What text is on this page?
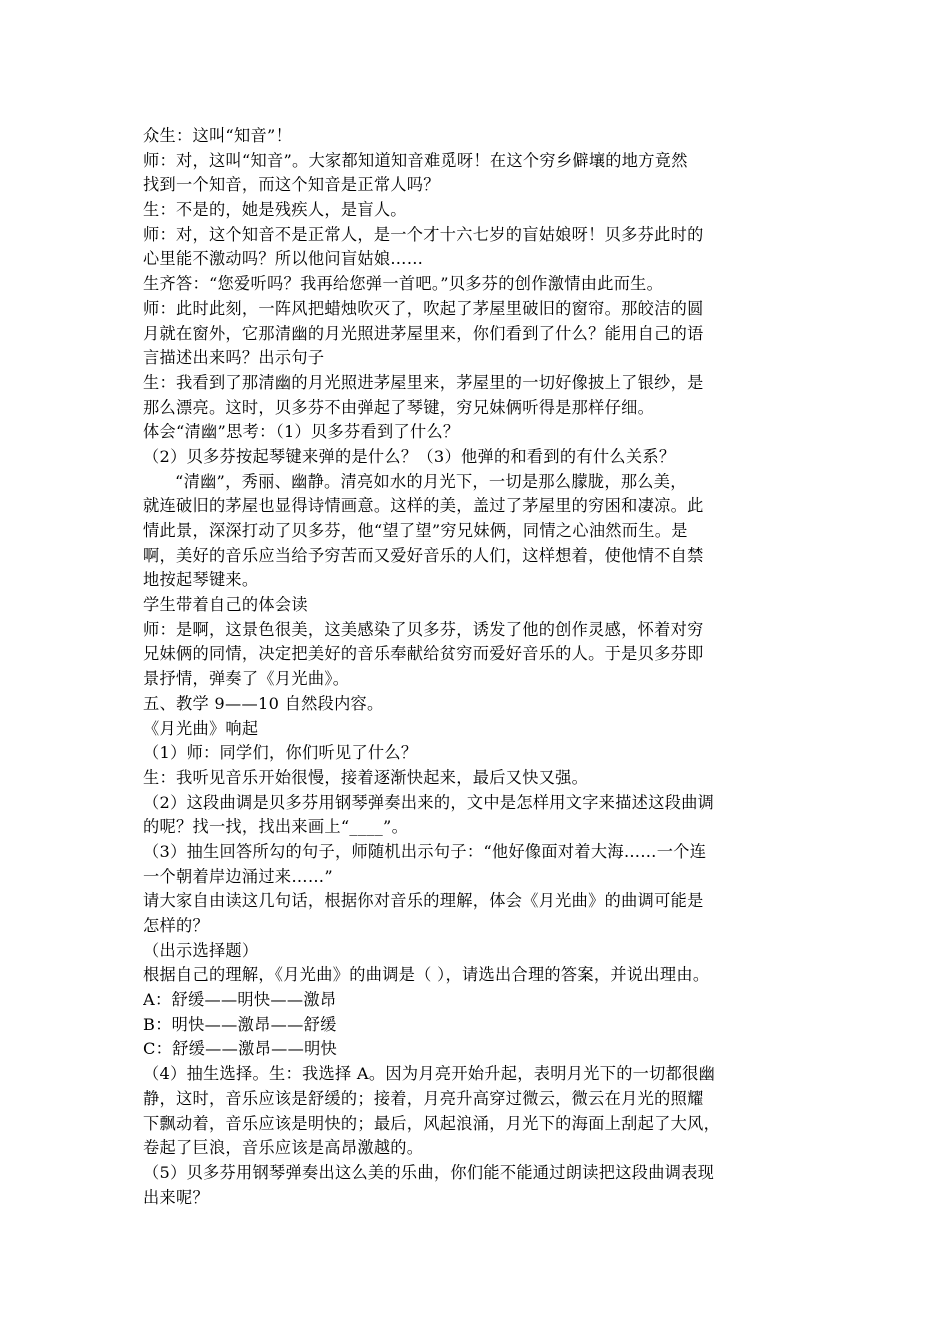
众生：这叫“知音”！
师：对，这叫“知音”。大家都知道知音难觅呀！在这个穷乡僻壤的地方竟然
找到一个知音，而这个知音是正常人吗？
生：不是的，她是残疾人，是盲人。
师：对，这个知音不是正常人，是一个才十六七岁的盲姑娘呀！贝多芬此时的
心里能不激动吗？所以他问盲姑娘……
生齐答：“您爱听吗？我再给您弹一首吧。”贝多芬的创作激情由此而生。
师：此时此刻，一阵风把蜡烛吹灭了，吹起了茅屋里破旧的窗帘。那皎洁的圆
月就在窗外，它那清幽的月光照进茅屋里来，你们看到了什么？能用自己的语
言描述出来吗？出示句子
生：我看到了那清幽的月光照进茅屋里来，茅屋里的一切好像披上了银纱，是
那么漂亮。这时，贝多芬不由弹起了琴键，穷兄妹俩听得是那样仔细。
体会“清幽”思考：（1）贝多芬看到了什么？
（2）贝多芬按起琴键来弹的是什么？（3）他弹的和看到的有什么关系？
“清幽”，秀丽、幽静。清亮如水的月光下，一切是那么朦胧，那么美，
就连破旧的茅屋也显得诗情画意。这样的美，盖过了茅屋里的穷困和凄凉。此
情此景，深深打动了贝多芬，他“望了望”穷兄妹俩，同情之心油然而生。是
啊，美好的音乐应当给予穷苦而又爱好音乐的人们，这样想着，使他情不自禁
地按起琴键来。
学生带着自己的体会读
师：是啊，这景色很美，这美感染了贝多芬，诱发了他的创作灵感，怀着对穷
兄妹俩的同情，决定把美好的音乐奉献给贫穷而爱好音乐的人。于是贝多芬即
景抒情，弹奏了《月光曲》。
五、教学 9——10 自然段内容。
《月光曲》响起
（1）师：同学们，你们听见了什么？
生：我听见音乐开始很慢，接着逐渐快起来，最后又快又强。
（2）这段曲调是贝多芬用钢琴弹奏出来的，文中是怎样用文字来描述这段曲调
的呢？找一找，找出来画上“____”。
（3）抽生回答所勾的句子，师随机出示句子：“他好像面对着大海……一个连
一个朝着岸边涌过来……”
请大家自由读这几句话，根据你对音乐的理解，体会《月光曲》的曲调可能是
怎样的？
（出示选择题）
根据自己的理解，《月光曲》的曲调是（ ），请选出合理的答案，并说出理由。
A：舒缓——明快——激昂
B：明快——激昂——舒缓
C：舒缓——激昂——明快
（4）抽生选择。生：我选择 A。因为月亮开始升起，表明月光下的一切都很幽
静，这时，音乐应该是舒缓的；接着，月亮升高穿过微云，微云在月光的照耀
下飘动着，音乐应该是明快的；最后，风起浪涌，月光下的海面上刮起了大风，
卷起了巨浪，音乐应该是高昂激越的。
（5）贝多芬用钢琴弹奏出这么美的乐曲，你们能不能通过朗读把这段曲调表现
出来呢？
